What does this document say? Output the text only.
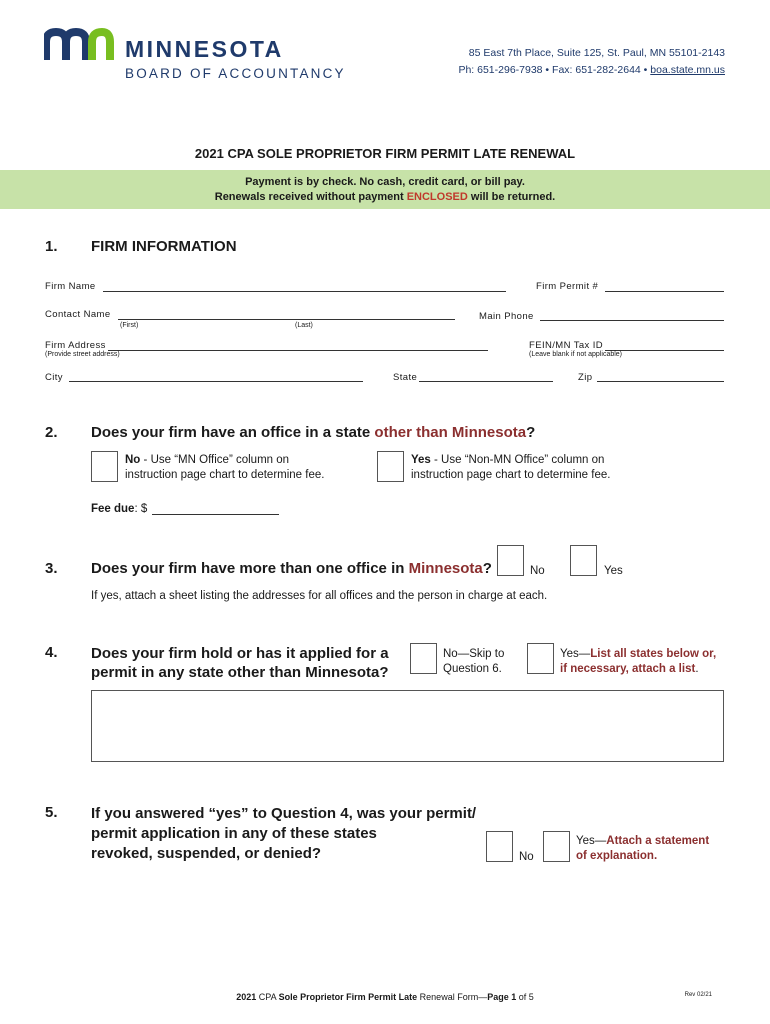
MINNESOTA
BOARD OF ACCOUNTANCY
85 East 7th Place, Suite 125, St. Paul, MN 55101-2143
Ph: 651-296-7938 • Fax: 651-282-2644 • boa.state.mn.us
2021 CPA SOLE PROPRIETOR FIRM PERMIT LATE RENEWAL
Payment is by check. No cash, credit card, or bill pay.
Renewals received without payment ENCLOSED will be returned.
1. FIRM INFORMATION
Firm Name	Firm Permit #
Contact Name
(First)	(Last)
Main Phone
Firm Address
(Provide street address)
FEIN/MN Tax ID
(Leave blank if not applicable)
City	State	Zip
2. Does your firm have an office in a state other than Minnesota?
No - Use “MN Office” column on
instruction page chart to determine fee.
Yes - Use “Non-MN Office” column on
instruction page chart to determine fee.
Fee due: $
3. Does your firm have more than one office in Minnesota?	No	Yes
If yes, attach a sheet listing the addresses for all offices and the person in charge at each.
4. Does your firm hold or has it applied for a
permit in any state other than Minnesota?
No—Skip to
Question 6.
Yes—List all states below or,
if necessary, attach a list.
5. If you answered “yes” to Question 4, was your permit/
permit application in any of these states
revoked, suspended, or denied?	No
Yes—Attach a statement
of explanation.
2021 CPA Sole Proprietor Firm Permit Late Renewal Form—Page 1 of 5	Rev 02/21
